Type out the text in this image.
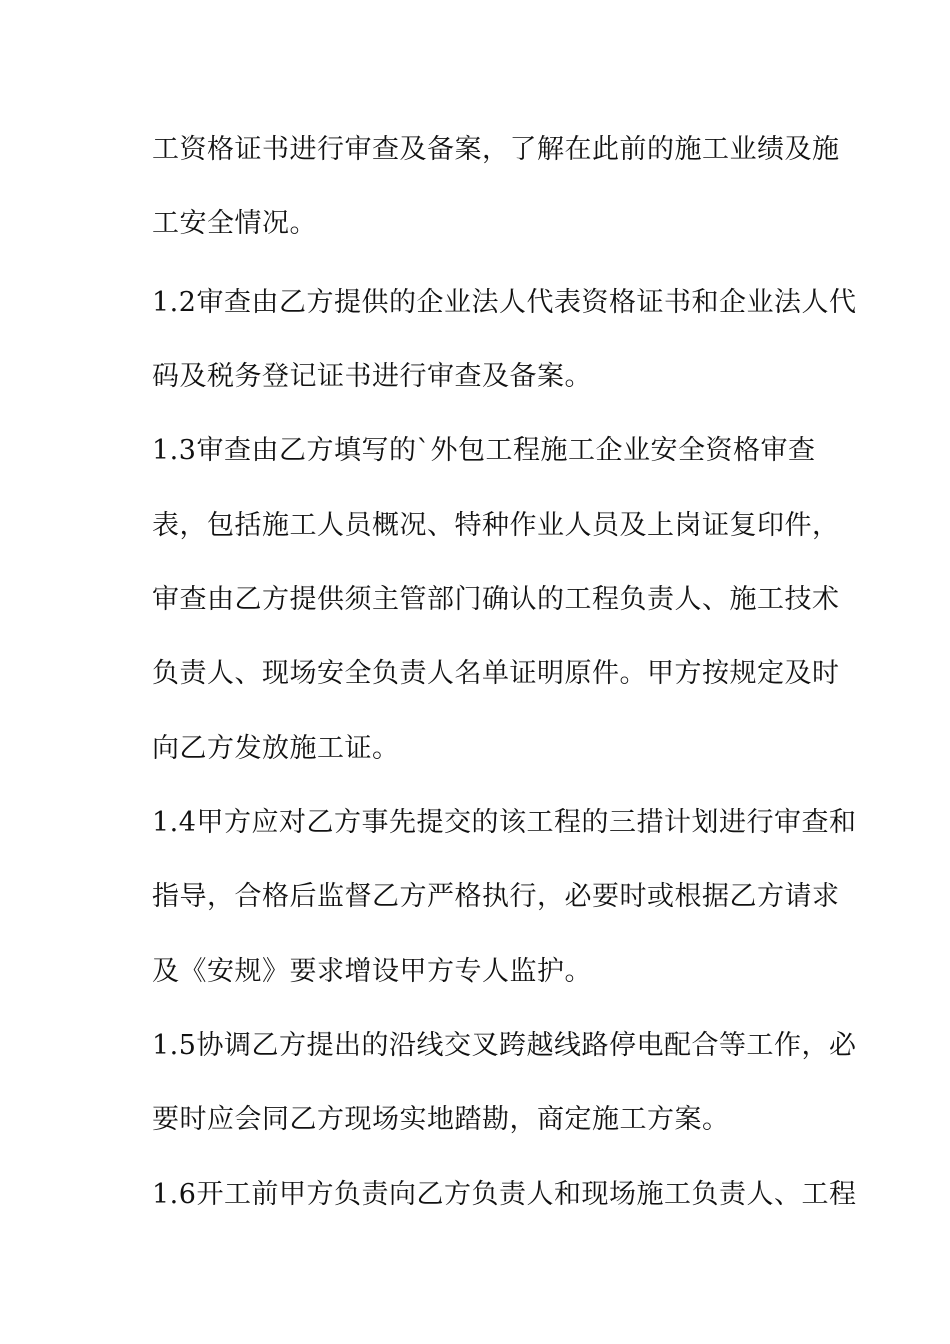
工资格证书进行审查及备案，了解在此前的施工业绩及施
工安全情况。
1.2审查由乙方提供的企业法人代表资格证书和企业法人代
码及税务登记证书进行审查及备案。
1.3审查由乙方填写的`外包工程施工企业安全资格审查
表，包括施工人员概况、特种作业人员及上岗证复印件，
审查由乙方提供须主管部门确认的工程负责人、施工技术
负责人、现场安全负责人名单证明原件。甲方按规定及时
向乙方发放施工证。
1.4甲方应对乙方事先提交的该工程的三措计划进行审查和
指导，合格后监督乙方严格执行，必要时或根据乙方请求
及《安规》要求增设甲方专人监护。
1.5协调乙方提出的沿线交叉跨越线路停电配合等工作，必
要时应会同乙方现场实地踏勘，商定施工方案。
1.6开工前甲方负责向乙方负责人和现场施工负责人、工程
